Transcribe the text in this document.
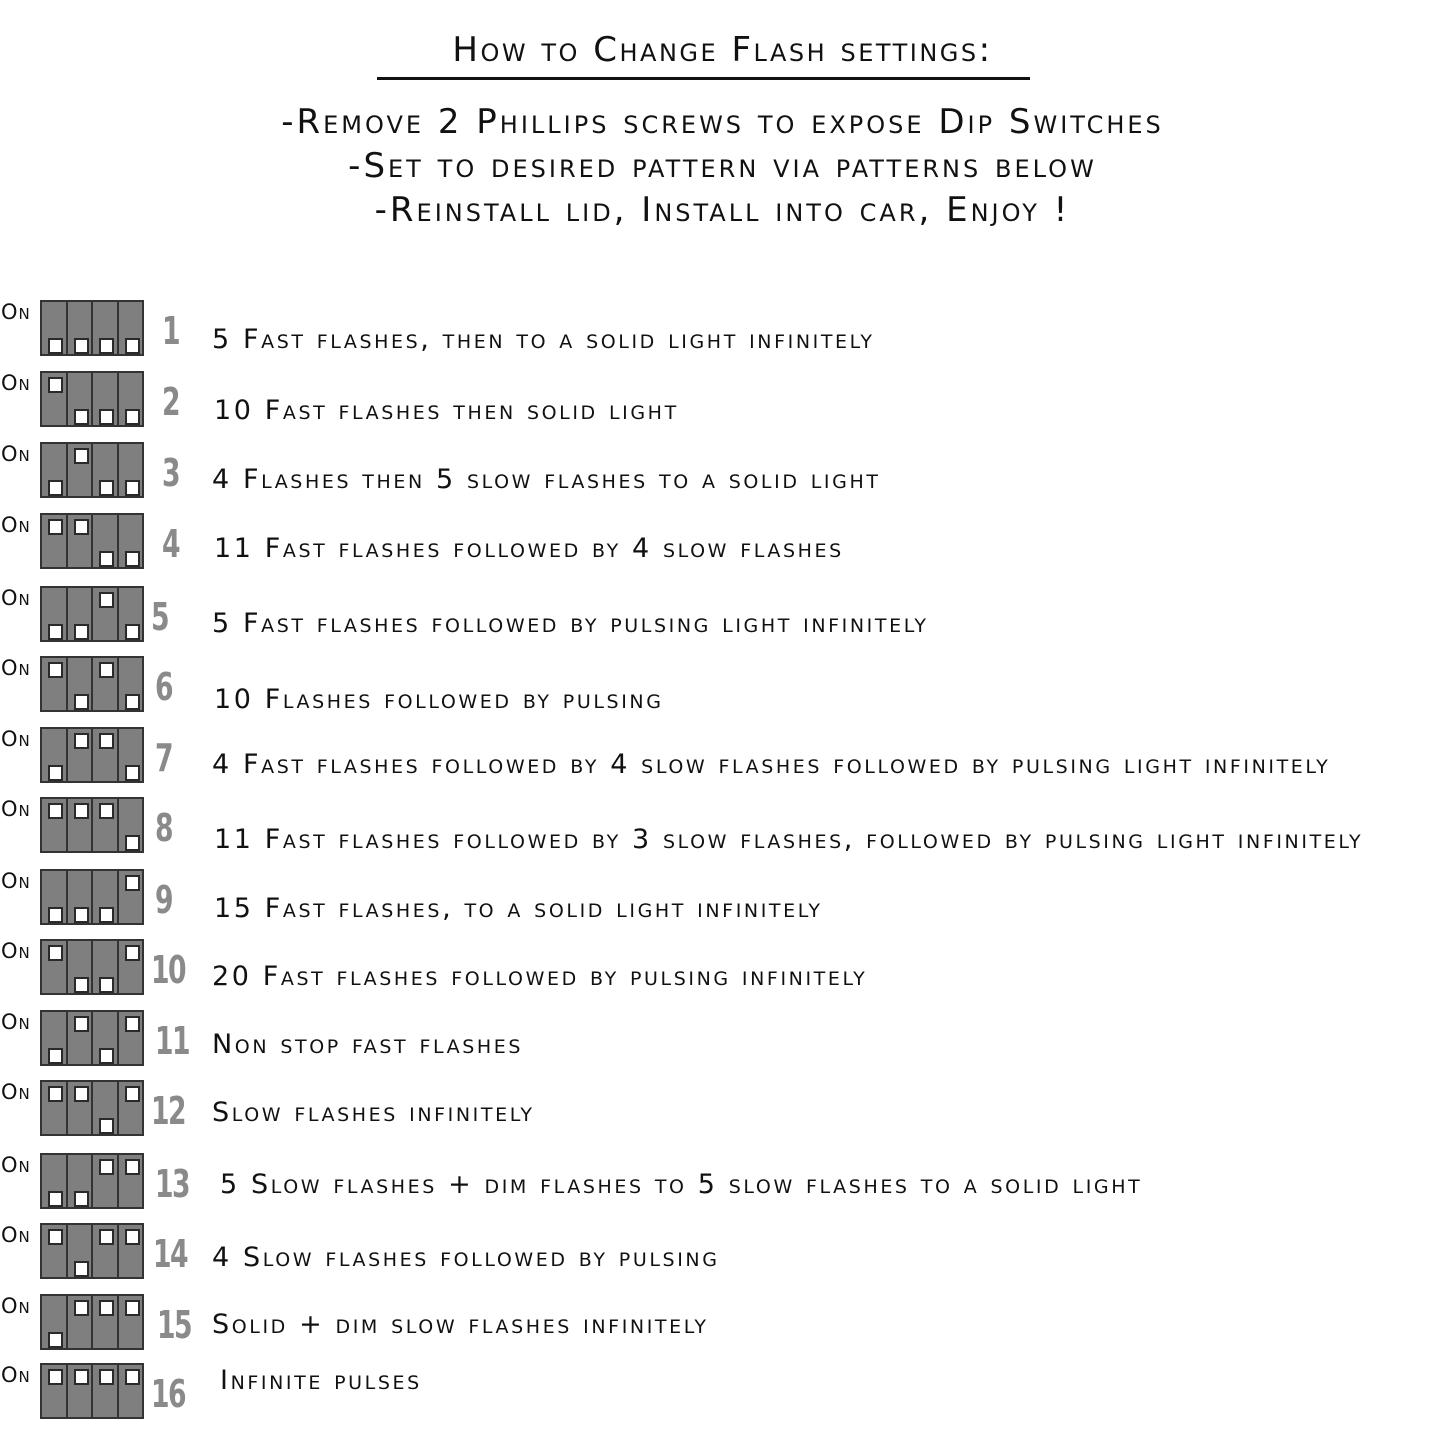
How to Change Flash settings:
-Remove 2 Phillips screws to expose Dip Switches
-Set to desired pattern via patterns below
-Reinstall lid, Install into car, Enjoy !
On	1	5 Fast flashes, then to a solid light infinitely
On	2	10 Fast flashes then solid light
On	3	4 Flashes then 5 slow flashes to a solid light
On	4	11 Fast flashes followed by 4 slow flashes
On	5	5 Fast flashes followed by pulsing light infinitely
On	6	10 Flashes followed by pulsing
On	7	4 Fast flashes followed by 4 slow flashes followed by pulsing light infinitely
On	8	11 Fast flashes followed by 3 slow flashes, followed by pulsing light infinitely
On	9	15 Fast flashes, to a solid light infinitely
On	10 20 Fast flashes followed by pulsing infinitely
On	11 Non stop fast flashes
On	12 Slow flashes infinitely
On	13 5 Slow flashes + dim flashes to 5 slow flashes to a solid light
On	14 4 Slow flashes followed by pulsing
On	15 Solid + dim slow flashes infinitely
On	16 Infinite pulses
